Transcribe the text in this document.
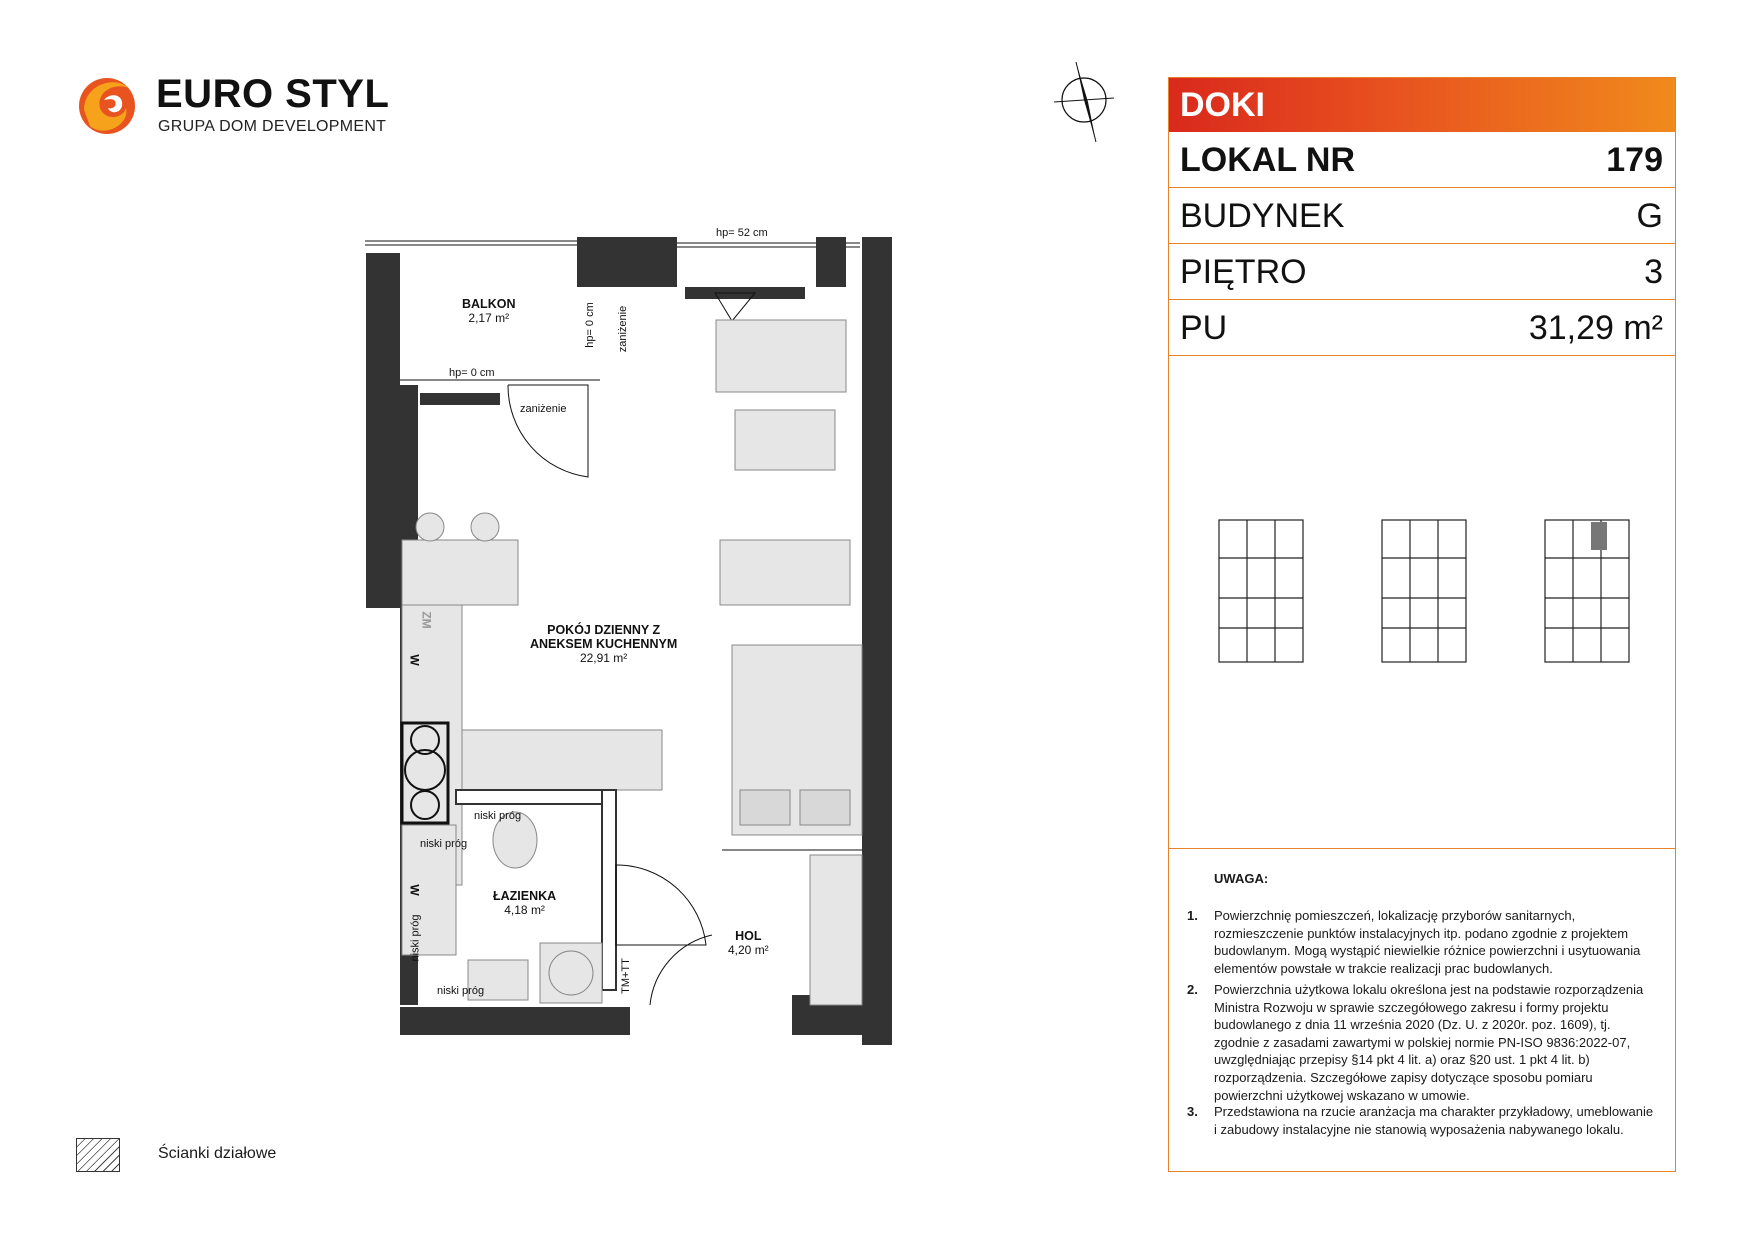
EURO STYL
GRUPA DOM DEVELOPMENT
BALKON
2,17 m²
POKÓJ DZIENNY Z
ANEKSEM KUCHENNYM
22,91 m²
ŁAZIENKA
4,18 m²
HOL
4,20 m²
hp= 52 cm
hp= 0 cm
hp= 0 cm zaniżenie
zaniżenie
niski próg
niski próg
niski próg
niski próg
ZM
W
W
TM+TT
DOKI
LOKAL NR	179
BUDYNEK	G
PIĘTRO	3
PU	31,29 m²
UWAGA:
1. Powierzchnię pomieszczeń, lokalizację przyborów sanitarnych, rozmieszczenie punktów instalacyjnych itp. podano zgodnie z projektem budowlanym. Mogą wystąpić niewielkie różnice powierzchni i usytuowania elementów powstałe w trakcie realizacji prac budowlanych.
2. Powierzchnia użytkowa lokalu określona jest na podstawie rozporządzenia Ministra Rozwoju w sprawie szczegółowego zakresu i formy projektu budowlanego z dnia 11 września 2020 (Dz. U. z 2020r. poz. 1609), tj. zgodnie z zasadami zawartymi w polskiej normie PN-ISO 9836:2022-07, uwzględniając przepisy §14 pkt 4 lit. a) oraz §20 ust. 1 pkt 4 lit. b) rozporządzenia. Szczegółowe zapisy dotyczące sposobu pomiaru powierzchni użytkowej wskazano w umowie.
3. Przedstawiona na rzucie aranżacja ma charakter przykładowy, umeblowanie i zabudowy instalacyjne nie stanowią wyposażenia nabywanego lokalu.
Ścianki działowe
